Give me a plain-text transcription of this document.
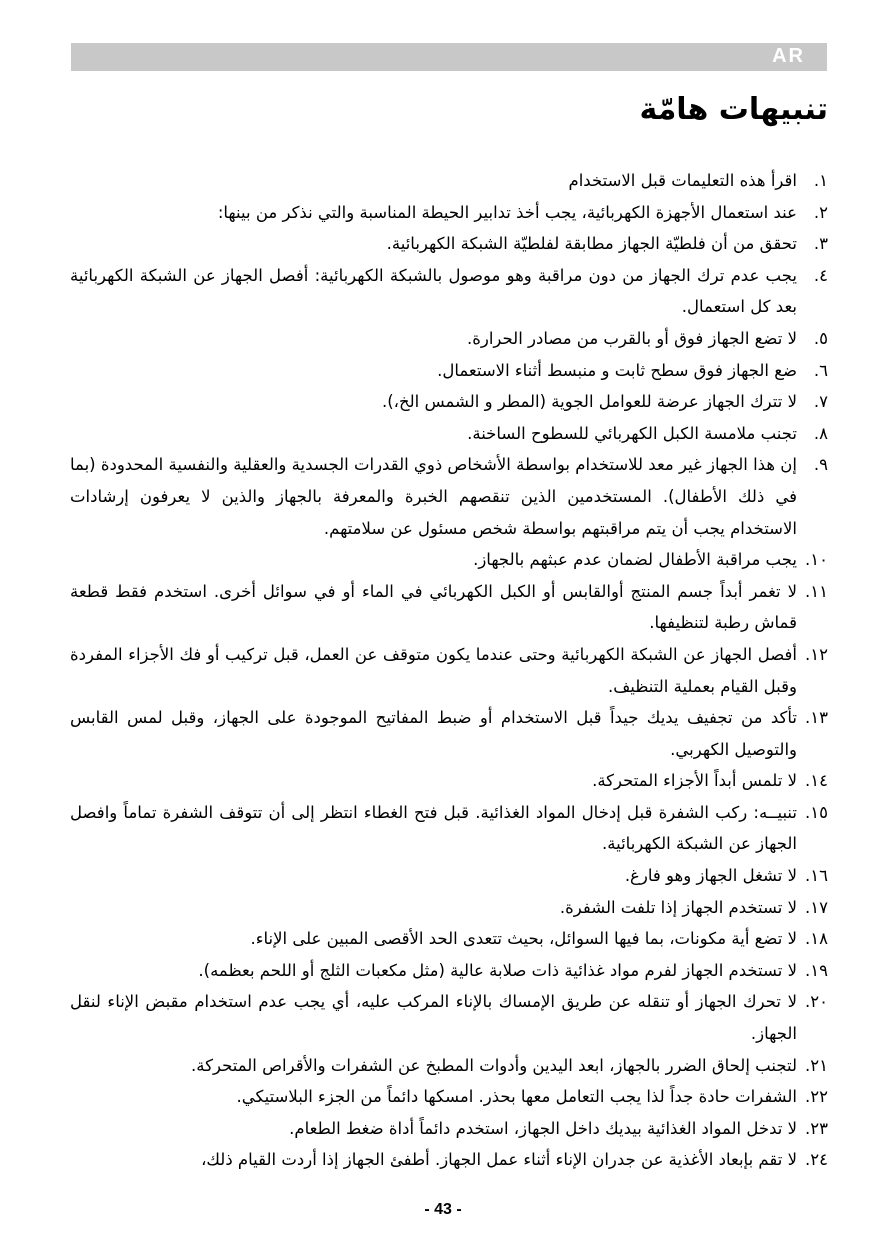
AR
تنبيهات هامّة
١.
اقرأ هذه التعليمات قبل الاستخدام
٢.
عند استعمال الأجهزة الكهربائية، يجب أخذ تدابير الحيطة المناسبة والتي نذكر من بينها:
٣.
تحقق من أن فلطيّة الجهاز مطابقة لفلطيّة الشبكة الكهربائية.
٤.
يجب عدم ترك الجهاز من دون مراقبة وهو موصول بالشبكة الكهربائية: أفصل الجهاز عن الشبكة الكهربائية بعد كل استعمال.
٥.
لا تضع الجهاز فوق أو بالقرب من مصادر الحرارة.
٦.
ضع الجهاز فوق سطح ثابت و منبسط أثناء الاستعمال.
٧.
لا تترك الجهاز عرضة للعوامل الجوية (المطر و الشمس الخ،).
٨.
تجنب ملامسة الكبل الكهربائي للسطوح الساخنة.
٩.
إن هذا الجهاز غير معد للاستخدام بواسطة الأشخاص ذوي القدرات الجسدية والعقلية والنفسية المحدودة (بما في ذلك الأطفال). المستخدمين الذين تنقصهم الخبرة والمعرفة بالجهاز والذين لا يعرفون إرشادات الاستخدام يجب أن يتم مراقبتهم بواسطة شخص مسئول عن سلامتهم.
١٠.
يجب مراقبة الأطفال لضمان عدم عبثهم بالجهاز.
١١.
لا تغمر أبداً جسم المنتج أوالقابس أو الكبل الكهربائي في الماء أو في سوائل أخرى. استخدم فقط قطعة قماش رطبة لتنظيفها.
١٢.
أفصل الجهاز عن الشبكة الكهربائية وحتى عندما يكون متوقف عن العمل، قبل تركيب أو فك الأجزاء المفردة وقبل القيام بعملية التنظيف.
١٣.
تأكد من تجفيف يديك جيداً قبل الاستخدام أو ضبط المفاتيح الموجودة على الجهاز، وقبل لمس القابس والتوصيل الكهربي.
١٤.
لا تلمس أبداً الأجزاء المتحركة.
١٥.
تنبيــه: ركب الشفرة قبل إدخال المواد الغذائية. قبل فتح الغطاء انتظر إلى أن تتوقف الشفرة تماماً وافصل الجهاز عن الشبكة الكهربائية.
١٦.
لا تشغل الجهاز وهو فارغ.
١٧.
لا تستخدم الجهاز إذا تلفت الشفرة.
١٨.
لا تضع أية مكونات، بما فيها السوائل، بحيث تتعدى الحد الأقصى المبين على الإناء.
١٩.
لا تستخدم الجهاز لفرم مواد غذائية ذات صلابة عالية (مثل مكعبات الثلج أو اللحم بعظمه).
٢٠.
لا تحرك الجهاز أو تنقله عن طريق الإمساك بالإناء المركب عليه، أي يجب عدم استخدام مقبض الإناء لنقل الجهاز.
٢١.
لتجنب إلحاق الضرر بالجهاز، ابعد اليدين وأدوات المطبخ عن الشفرات والأقراص المتحركة.
٢٢.
الشفرات حادة جداً لذا يجب التعامل معها بحذر. امسكها دائماً من الجزء البلاستيكي.
٢٣.
لا تدخل المواد الغذائية بيديك داخل الجهاز، استخدم دائماً أداة ضغط الطعام.
٢٤.
لا تقم بإبعاد الأغذية عن جدران الإناء أثناء عمل الجهاز. أطفئ الجهاز إذا أردت القيام ذلك،
- 43 -
